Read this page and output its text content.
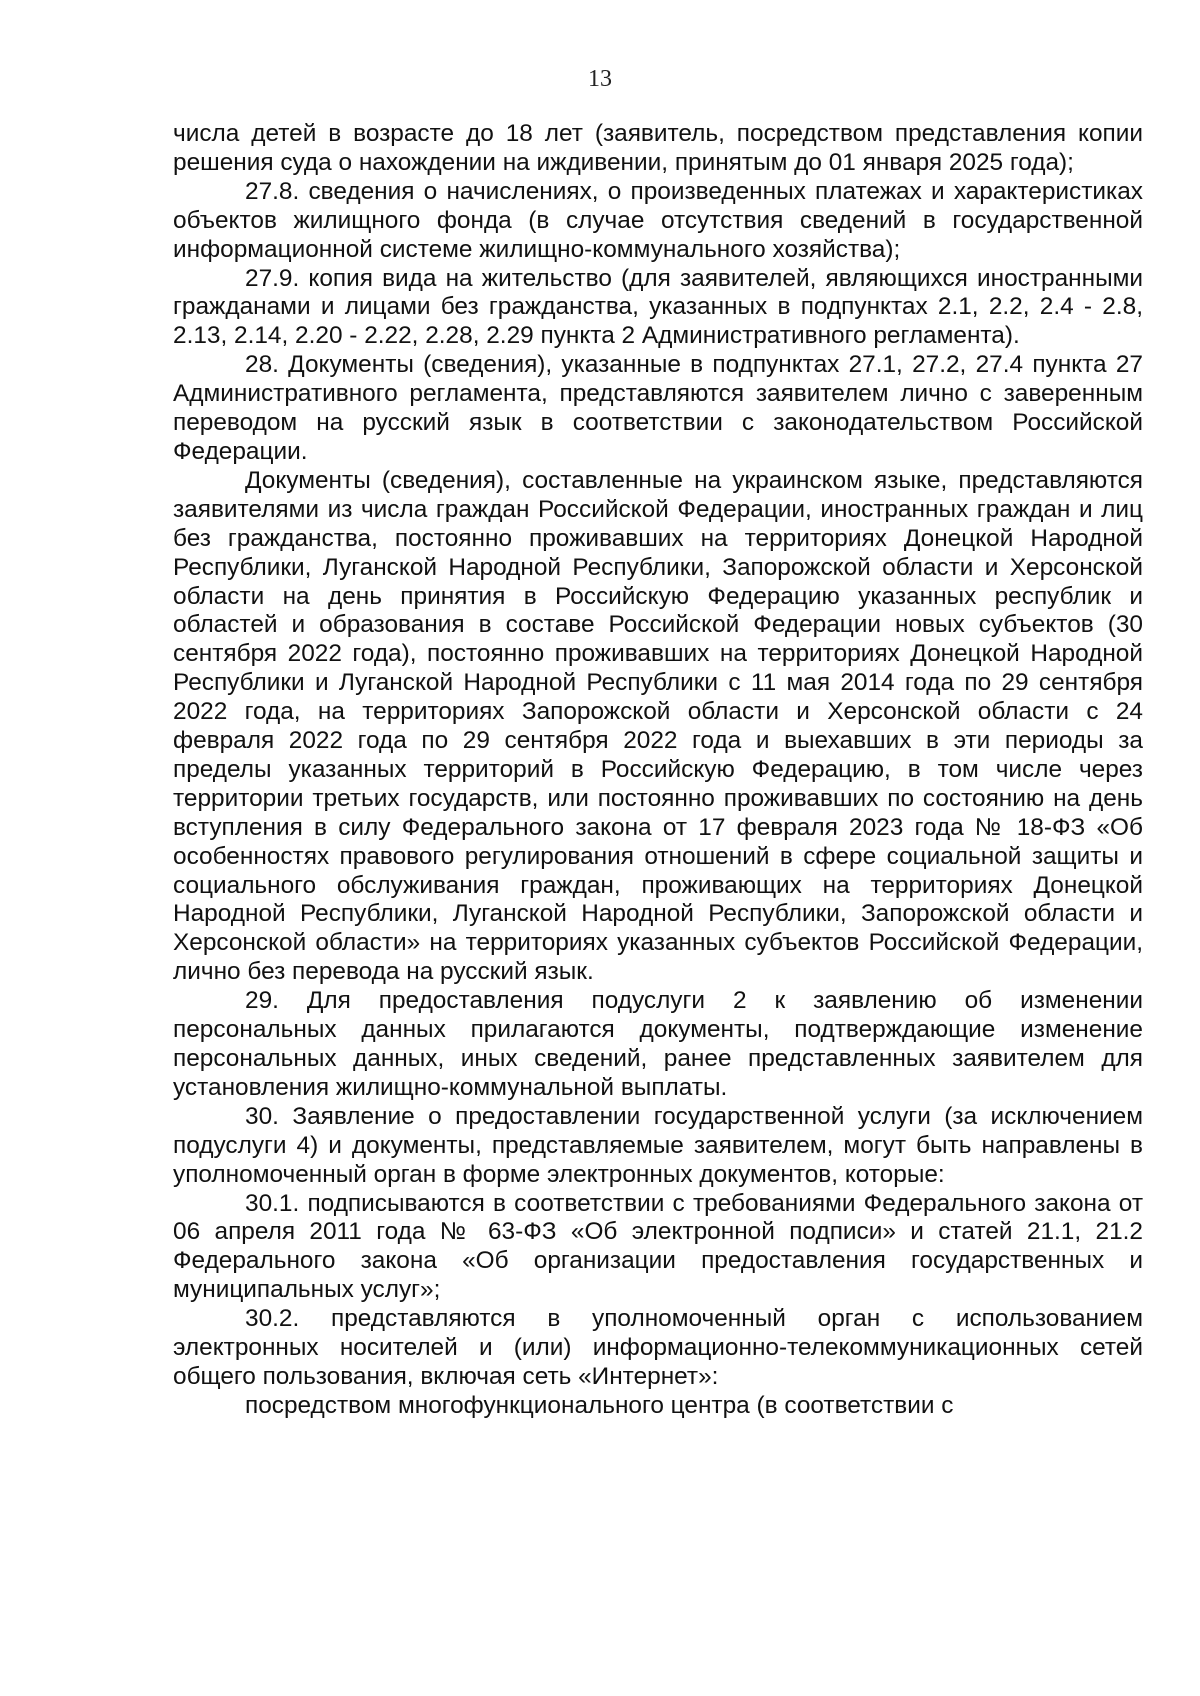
13

числа детей в возрасте до 18 лет (заявитель, посредством представления копии решения суда о нахождении на иждивении, принятым до 01 января 2025 года);

27.8. сведения о начислениях, о произведенных платежах и характеристиках объектов жилищного фонда (в случае отсутствия сведений в государственной информационной системе жилищно-коммунального хозяйства);

27.9. копия вида на жительство (для заявителей, являющихся иностранными гражданами и лицами без гражданства, указанных в подпунктах 2.1, 2.2, 2.4 - 2.8, 2.13, 2.14, 2.20 - 2.22, 2.28, 2.29 пункта 2 Административного регламента).

28. Документы (сведения), указанные в подпунктах 27.1, 27.2, 27.4 пункта 27 Административного регламента, представляются заявителем лично с заверенным переводом на русский язык в соответствии с законодательством Российской Федерации.

Документы (сведения), составленные на украинском языке, представляются заявителями из числа граждан Российской Федерации, иностранных граждан и лиц без гражданства, постоянно проживавших на территориях Донецкой Народной Республики, Луганской Народной Республики, Запорожской области и Херсонской области на день принятия в Российскую Федерацию указанных республик и областей и образования в составе Российской Федерации новых субъектов (30 сентября 2022 года), постоянно проживавших на территориях Донецкой Народной Республики и Луганской Народной Республики с 11 мая 2014 года по 29 сентября 2022 года, на территориях Запорожской области и Херсонской области с 24 февраля 2022 года по 29 сентября 2022 года и выехавших в эти периоды за пределы указанных территорий в Российскую Федерацию, в том числе через территории третьих государств, или постоянно проживавших по состоянию на день вступления в силу Федерального закона от 17 февраля 2023 года № 18-ФЗ «Об особенностях правового регулирования отношений в сфере социальной защиты и социального обслуживания граждан, проживающих на территориях Донецкой Народной Республики, Луганской Народной Республики, Запорожской области и Херсонской области» на территориях указанных субъектов Российской Федерации, лично без перевода на русский язык.

29. Для предоставления подуслуги 2 к заявлению об изменении персональных данных прилагаются документы, подтверждающие изменение персональных данных, иных сведений, ранее представленных заявителем для установления жилищно-коммунальной выплаты.

30. Заявление о предоставлении государственной услуги (за исключением подуслуги 4) и документы, представляемые заявителем, могут быть направлены в уполномоченный орган в форме электронных документов, которые:

30.1. подписываются в соответствии с требованиями Федерального закона от 06 апреля 2011 года № 63-ФЗ «Об электронной подписи» и статей 21.1, 21.2 Федерального закона «Об организации предоставления государственных и муниципальных услуг»;

30.2. представляются в уполномоченный орган с использованием электронных носителей и (или) информационно-телекоммуникационных сетей общего пользования, включая сеть «Интернет»:

посредством многофункционального центра (в соответствии с
